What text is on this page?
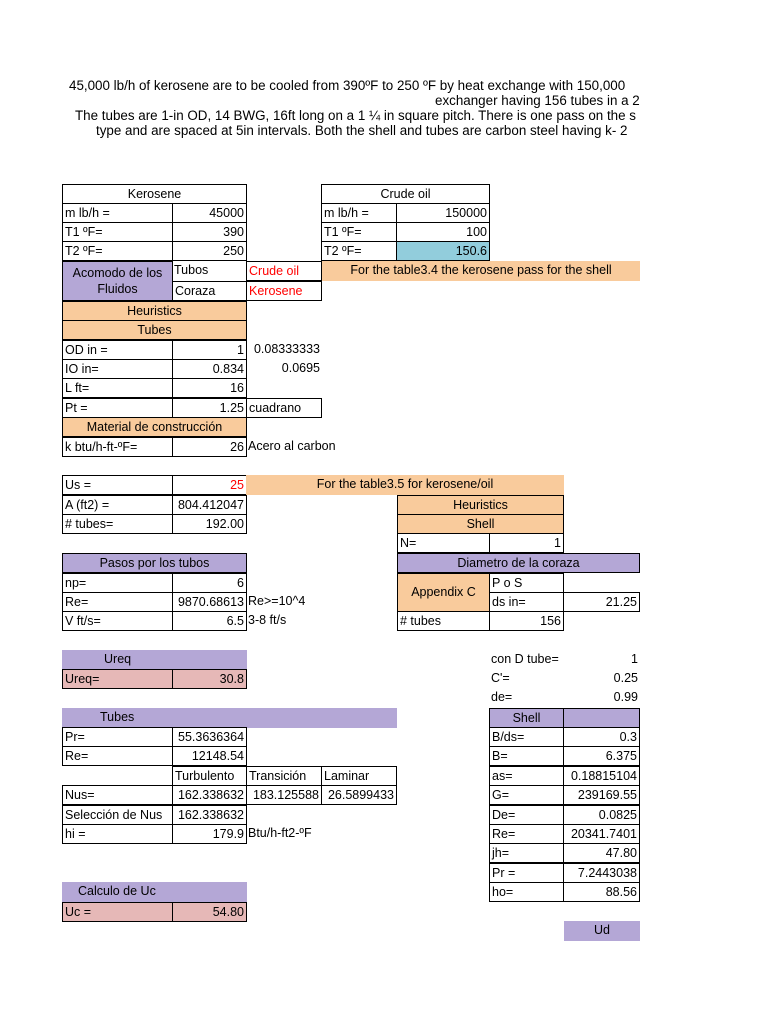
45,000 lb/h of kerosene are to be cooled from 390ºF to 250 ºF by heat exchange with 150,000
exchanger having 156 tubes in a 2
The tubes are 1-in OD, 14 BWG, 16ft long on a 1 ¼ in square pitch. There is one pass on the s
type and are spaced at 5in intervals. Both the shell and tubes are carbon steel having k- 2
Kerosene
m lb/h =	45000
T1 ºF=	390
T2 ºF=	250
Crude oil
m lb/h =	150000
T1 ºF=	100
T2 ºF=	150.6
Acomodo de los Fluidos
Tubos	Crude oil
Coraza	Kerosene
For the table3.4 the kerosene pass for the shell
Heuristics
Tubes
OD in =	1 0.08333333
IO in=	0.834	0.0695
L ft=	16
Pt =	1.25 cuadrano
Material de construcción
k btu/h-ft-ºF=	26 Acero al carbon
Us =	25	For the table3.5 for kerosene/oil
A (ft2) =	804.412047
# tubes=	192.00
Heuristics
Shell
N=	1
Pasos por los tubos
np=	6
Re=	9870.68613 Re>=10^4
V ft/s=	6.5 3-8 ft/s
Diametro de la coraza
Appendix C
P o S
ds in=	21.25
# tubes	156
Ureq
Ureq=	30.8
con D tube=	1
C'=	0.25
de=	0.99
Tubes
Pr=	55.3636364
Re=	12148.54
Turbulento	Transición	Laminar
Nus=	162.338632 183.125588 26.5899433
Selección de Nus	162.338632
hi =	179.9 Btu/h-ft2-ºF
Shell
B/ds=	0.3
B=	6.375
as=	0.18815104
G=	239169.55
De=	0.0825
Re=	20341.7401
jh=	47.80
Pr =	7.2443038
ho=	88.56
Calculo de Uc
Uc =	54.80
Ud
